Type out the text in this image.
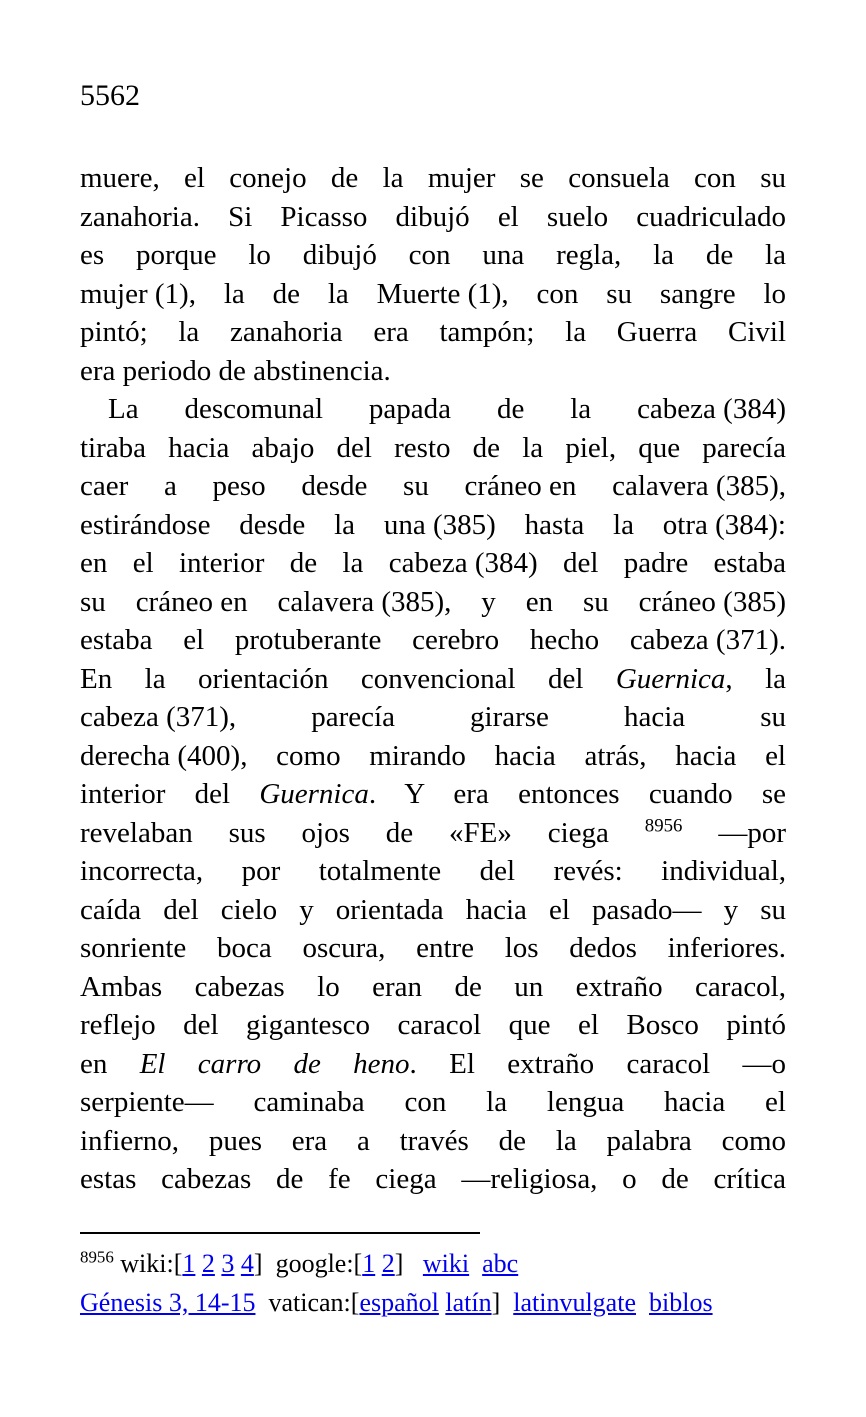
5562
muere, el conejo de la mujer se consuela con su
zanahoria. Si Picasso dibujó el suelo cuadriculado
es porque lo dibujó con una regla, la de la
mujer (1), la de la Muerte (1), con su sangre lo
pintó; la zanahoria era tampón; la Guerra Civil
era periodo de abstinencia.
La descomunal papada de la cabeza (384)
tiraba hacia abajo del resto de la piel, que parecía
caer a peso desde su cráneo en calavera (385),
estirándose desde la una (385) hasta la otra (384):
en el interior de la cabeza (384) del padre estaba
su cráneo en calavera (385), y en su cráneo (385)
estaba el protuberante cerebro hecho cabeza (371).
En la orientación convencional del Guernica, la
cabeza (371), parecía girarse hacia su
derecha (400), como mirando hacia atrás, hacia el
interior del Guernica. Y era entonces cuando se
revelaban sus ojos de «FE» ciega $^{8956}$ —por
incorrecta, por totalmente del revés: individual,
caída del cielo y orientada hacia el pasado— y su
sonriente boca oscura, entre los dedos inferiores.
Ambas cabezas lo eran de un extraño caracol,
reflejo del gigantesco caracol que el Bosco pintó
en El carro de heno. El extraño caracol —o
serpiente— caminaba con la lengua hacia el
infierno, pues era a través de la palabra como
estas cabezas de fe ciega —religiosa, o de crítica
$^{8956}$ wiki:[1 2 3 4]  google:[1 2]   wiki abc
Génesis 3, 14-15  vatican:[español latín]  latinvulgate biblos
